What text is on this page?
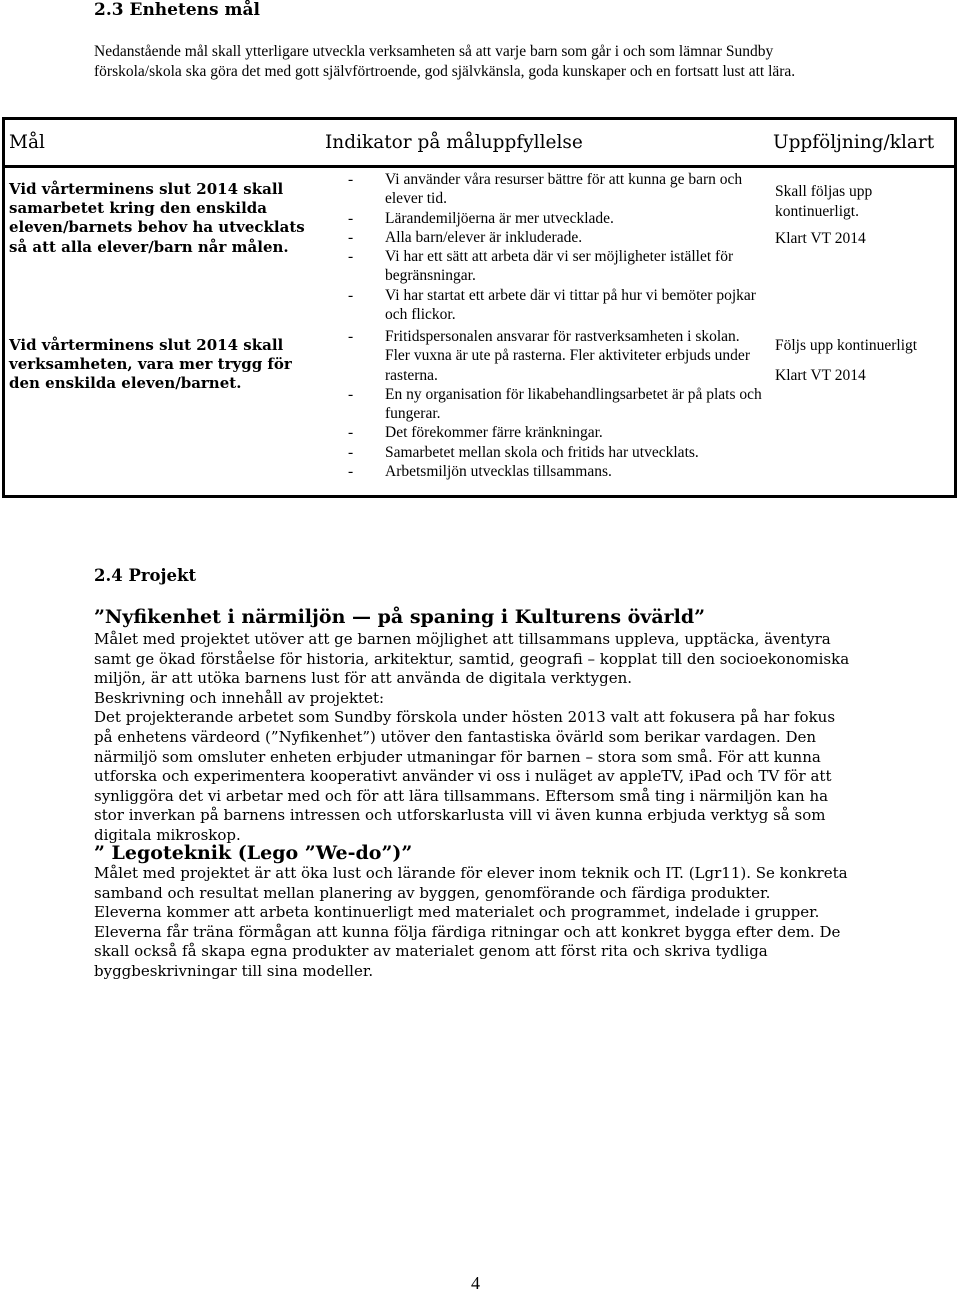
2.3 Enhetens mål

Nedanstående mål skall ytterligare utveckla verksamheten så att varje barn som går i och som lämnar Sundby förskola/skola ska göra det med gott självförtroende, god självkänsla, goda kunskaper och en fortsatt lust att lära.

Mål	Indikator på måluppfyllelse	Uppföljning/klart
Vid vårterminens slut 2014 skall samarbetet kring den enskilda eleven/barnets behov ha utvecklats så att alla elever/barn når målen.
- Vi använder våra resurser bättre för att kunna ge barn och elever tid.
- Lärandemiljöerna är mer utvecklade.
- Alla barn/elever är inkluderade.
- Vi har ett sätt att arbeta där vi ser möjligheter istället för begränsningar.
- Vi har startat ett arbete där vi tittar på hur vi bemöter pojkar och flickor.
Skall följas upp kontinuerligt.
Klart VT 2014
Vid vårterminens slut 2014 skall verksamheten, vara mer trygg för den enskilda eleven/barnet.
- Fritidspersonalen ansvarar för rastverksamheten i skolan. Fler vuxna är ute på rasterna. Fler aktiviteter erbjuds under rasterna.
- En ny organisation för likabehandlingsarbetet är på plats och fungerar.
- Det förekommer färre kränkningar.
- Samarbetet mellan skola och fritids har utvecklats.
- Arbetsmiljön utvecklas tillsammans.
Följs upp kontinuerligt
Klart VT 2014
2.4 Projekt
”Nyfikenhet i närmiljön — på spaning i Kulturens övärld”

Målet med projektet utöver att ge barnen möjlighet att tillsammans uppleva, upptäcka, äventyra samt ge ökad förståelse för historia, arkitektur, samtid, geografi – kopplat till den socioekonomiska miljön, är att utöka barnens lust för att använda de digitala verktygen.

Beskrivning och innehåll av projektet:

Det projekterande arbetet som Sundby förskola under hösten 2013 valt att fokusera på har fokus på enhetens värdeord (”Nyfikenhet”) utöver den fantastiska övärld som berikar vardagen. Den närmiljö som omsluter enheten erbjuder utmaningar för barnen – stora som små. För att kunna utforska och experimentera kooperativt använder vi oss i nuläget av appleTV, iPad och TV för att synliggöra det vi arbetar med och för att lära tillsammans. Eftersom små ting i närmiljön kan ha stor inverkan på barnens intressen och utforskarlusta vill vi även kunna erbjuda verktyg så som digitala mikroskop.

” Legoteknik (Lego ”We-do”)”

Målet med projektet är att öka lust och lärande för elever inom teknik och IT. (Lgr11). Se konkreta samband och resultat mellan planering av byggen, genomförande och färdiga produkter.

Eleverna kommer att arbeta kontinuerligt med materialet och programmet, indelade i grupper.

Eleverna får träna förmågan att kunna följa färdiga ritningar och att konkret bygga efter dem. De skall också få skapa egna produkter av materialet genom att först rita och skriva tydliga byggbeskrivningar till sina modeller.

4
